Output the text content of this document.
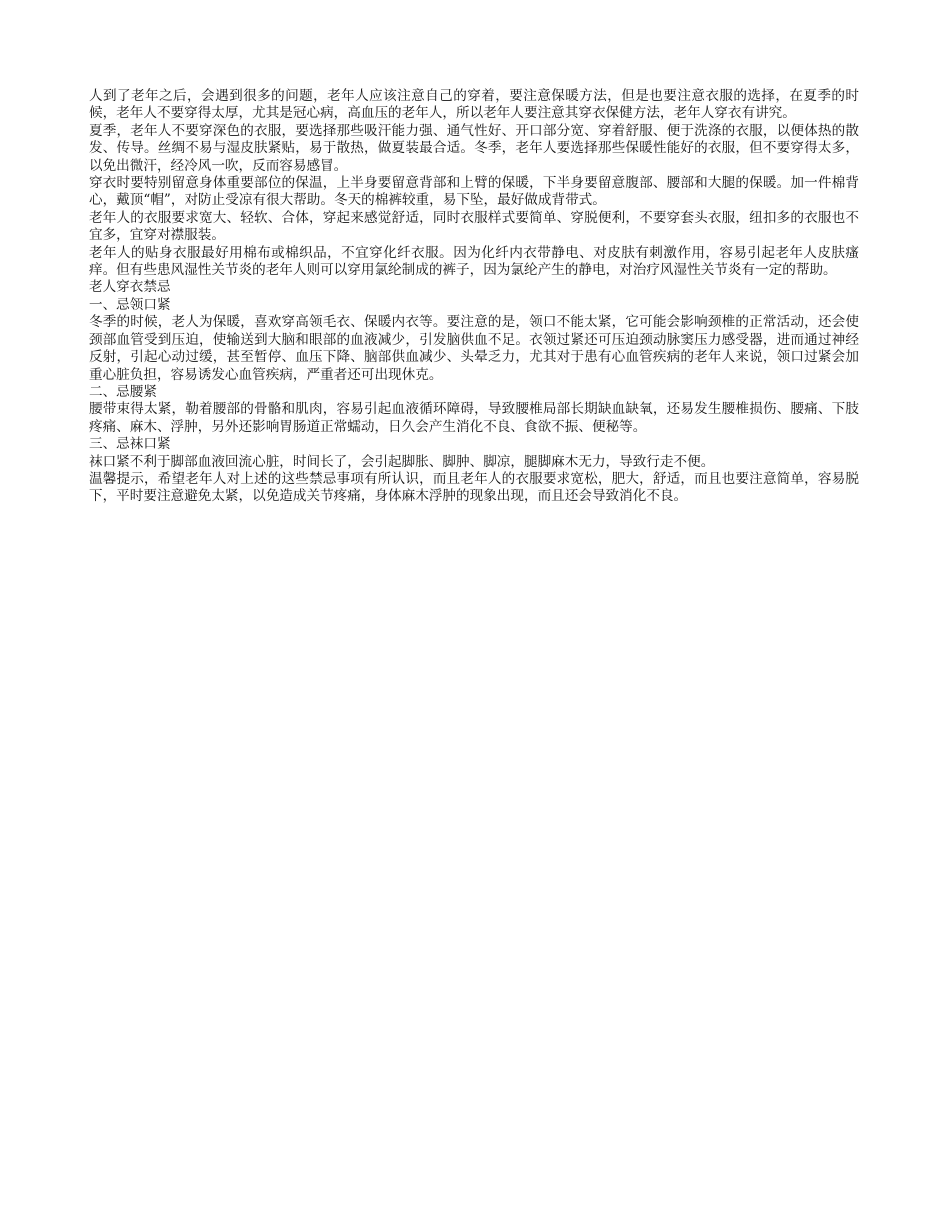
人到了老年之后，会遇到很多的问题，老年人应该注意自己的穿着，要注意保暖方法，但是也要注意衣服的选择，在夏季的时候，老年人不要穿得太厚，尤其是冠心病，高血压的老年人，所以老年人要注意其穿衣保健方法，老年人穿衣有讲究。

夏季，老年人不要穿深色的衣服，要选择那些吸汗能力强、通气性好、开口部分宽、穿着舒服、便于洗涤的衣服，以便体热的散发、传导。丝绸不易与湿皮肤紧贴，易于散热，做夏装最合适。冬季，老年人要选择那些保暖性能好的衣服，但不要穿得太多，以免出微汗，经冷风一吹，反而容易感冒。

穿衣时要特别留意身体重要部位的保温，上半身要留意背部和上臂的保暖，下半身要留意腹部、腰部和大腿的保暖。加一件棉背心，戴顶“帽”，对防止受凉有很大帮助。冬天的棉裤较重，易下坠，最好做成背带式。

老年人的衣服要求宽大、轻软、合体，穿起来感觉舒适，同时衣服样式要简单、穿脱便利，不要穿套头衣服，纽扣多的衣服也不宜多，宜穿对襟服装。

老年人的贴身衣服最好用棉布或棉织品，不宜穿化纤衣服。因为化纤内衣带静电、对皮肤有刺激作用，容易引起老年人皮肤瘙痒。但有些患风湿性关节炎的老年人则可以穿用氯纶制成的裤子，因为氯纶产生的静电，对治疗风湿性关节炎有一定的帮助。

老人穿衣禁忌

一、忌领口紧

冬季的时候，老人为保暖，喜欢穿高领毛衣、保暖内衣等。要注意的是，领口不能太紧，它可能会影响颈椎的正常活动，还会使颈部血管受到压迫，使输送到大脑和眼部的血液减少，引发脑供血不足。衣领过紧还可压迫颈动脉窦压力感受器，进而通过神经反射，引起心动过缓，甚至暂停、血压下降、脑部供血减少、头晕乏力，尤其对于患有心血管疾病的老年人来说，领口过紧会加重心脏负担，容易诱发心血管疾病，严重者还可出现休克。

二、忌腰紧

腰带束得太紧，勒着腰部的骨骼和肌肉，容易引起血液循环障碍，导致腰椎局部长期缺血缺氧，还易发生腰椎损伤、腰痛、下肢疼痛、麻木、浮肿，另外还影响胃肠道正常蠕动，日久会产生消化不良、食欲不振、便秘等。

三、忌袜口紧

袜口紧不利于脚部血液回流心脏，时间长了，会引起脚胀、脚肿、脚凉，腿脚麻木无力，导致行走不便。

温馨提示，希望老年人对上述的这些禁忌事项有所认识，而且老年人的衣服要求宽松，肥大，舒适，而且也要注意简单，容易脱下，平时要注意避免太紧，以免造成关节疼痛，身体麻木浮肿的现象出现，而且还会导致消化不良。
